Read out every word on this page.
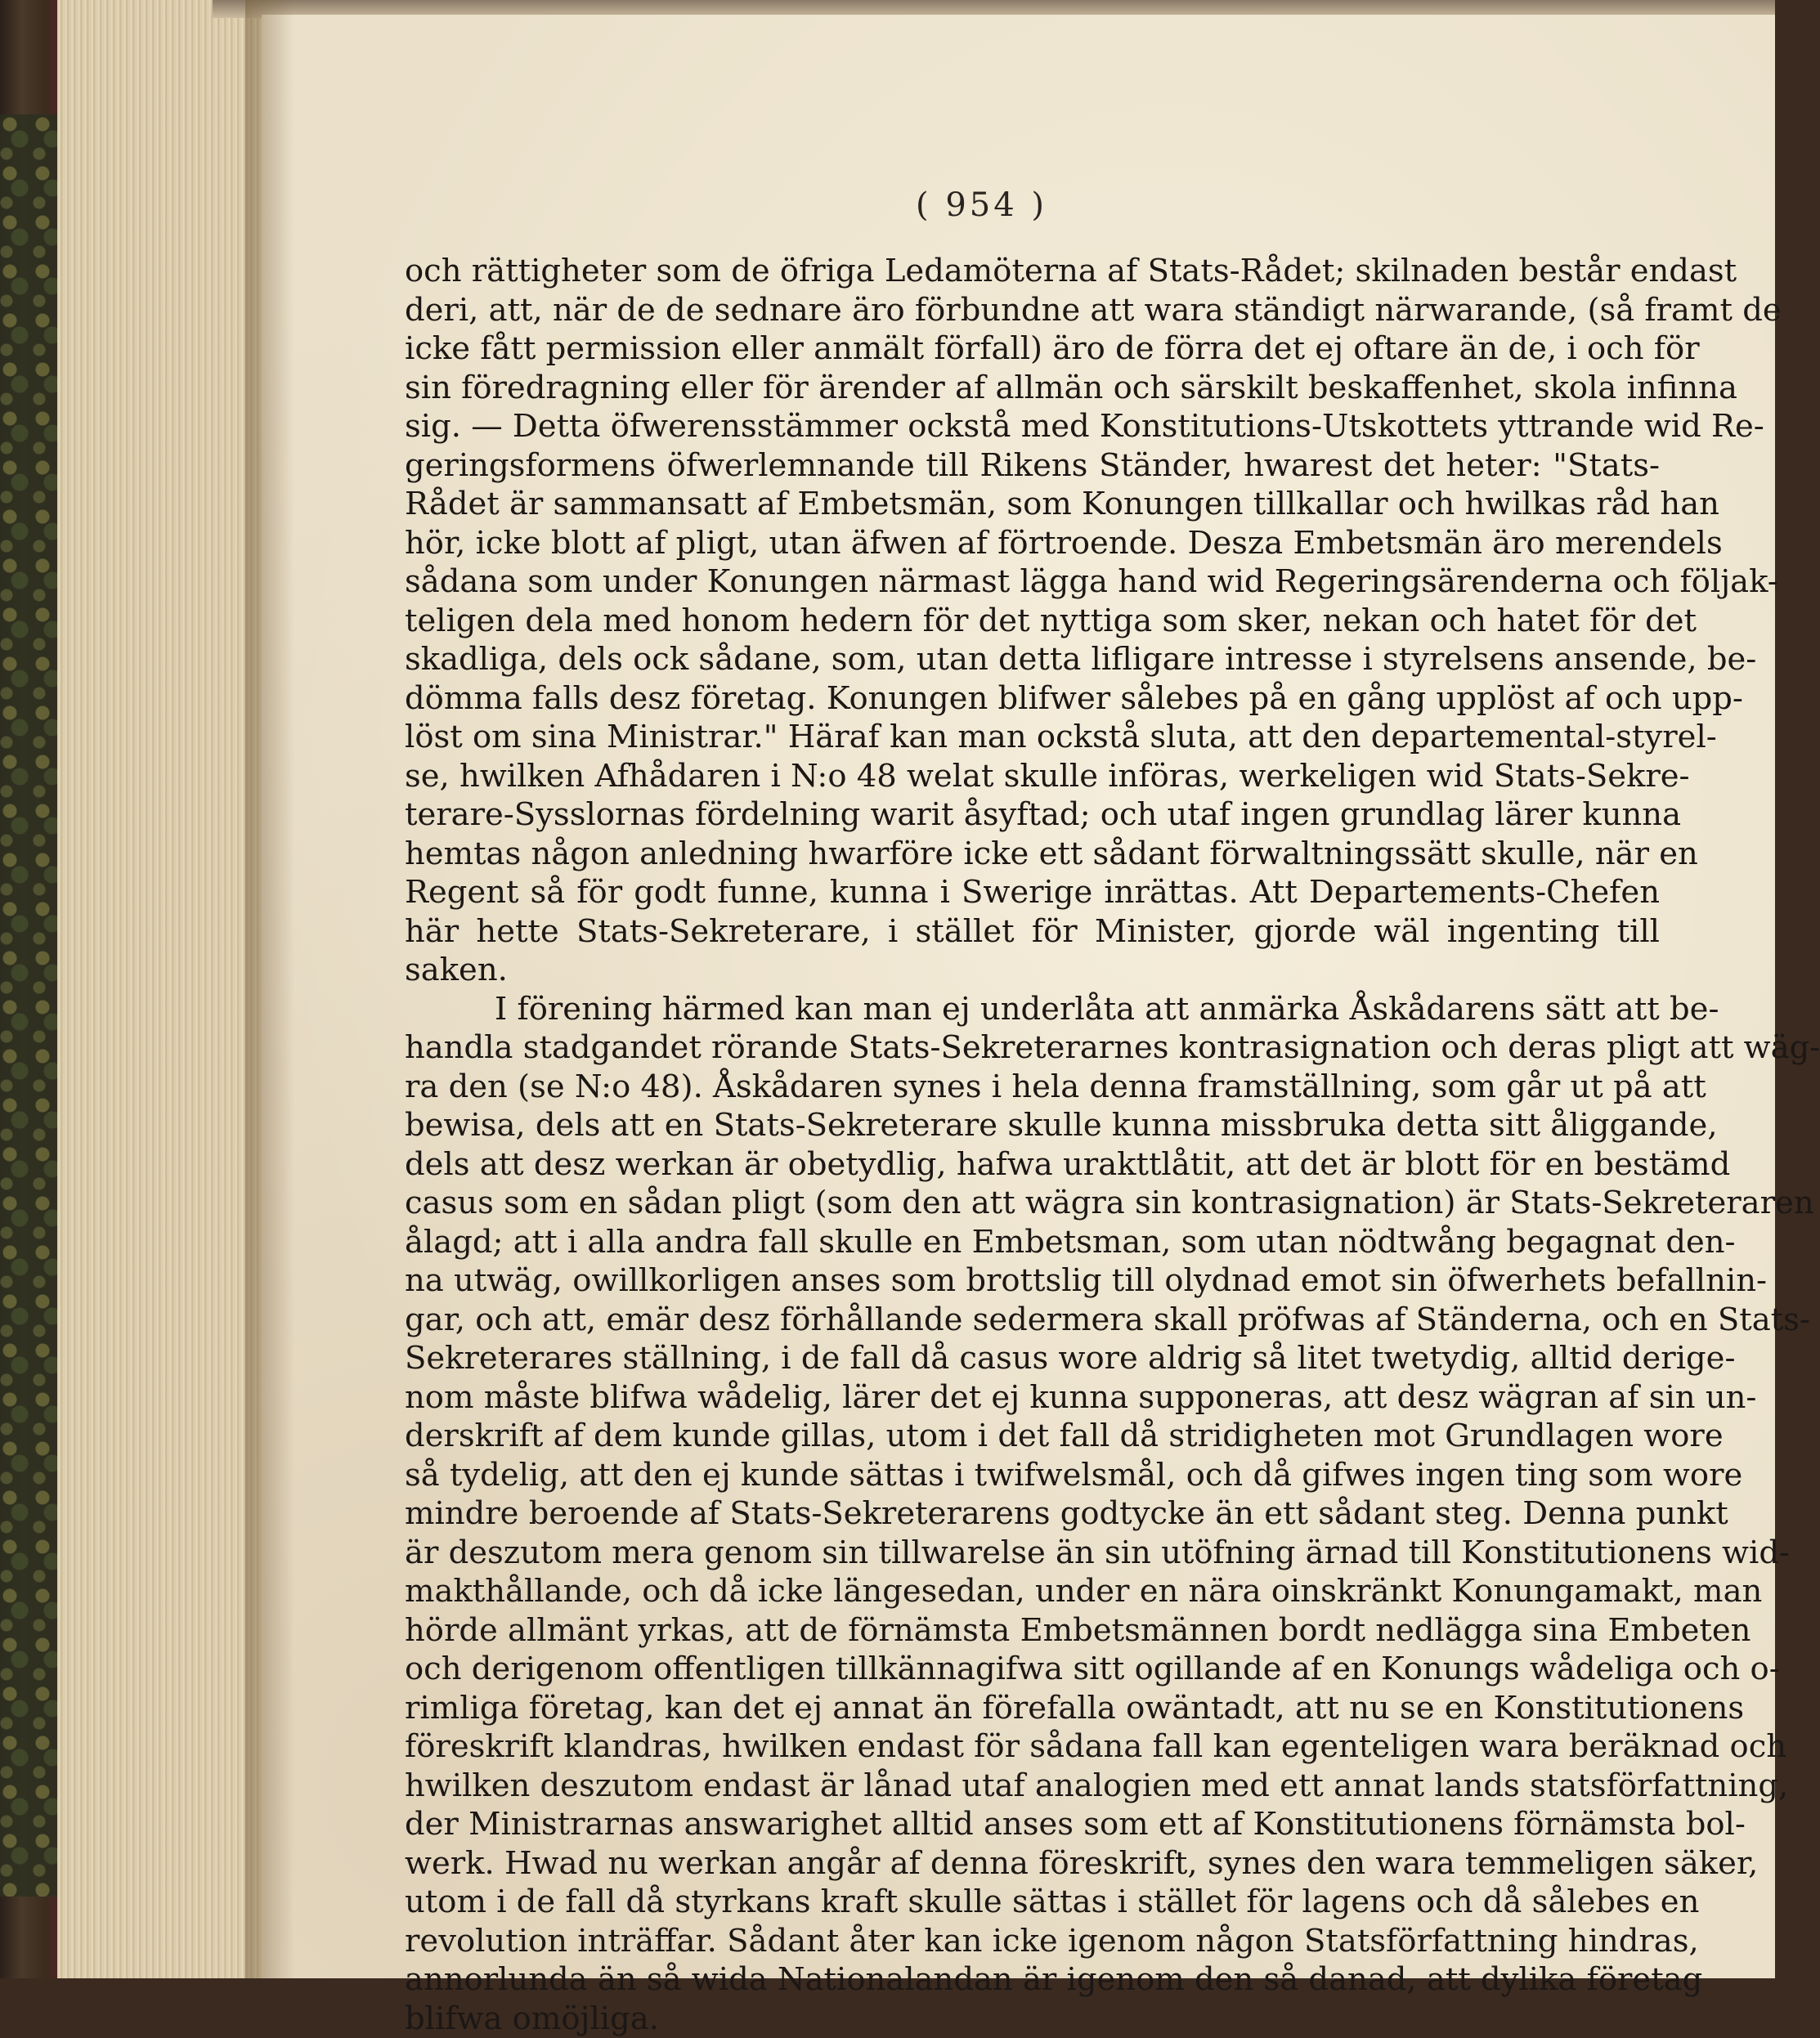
( 954 )
och rättigheter som de öfriga Ledamöterna af Stats-Rådet; skilnaden består endast
deri, att, när de de sednare äro förbundne att wara ständigt närwarande, (så framt de
icke fått permission eller anmält förfall) äro de förra det ej oftare än de, i och för
sin föredragning eller för ärender af allmän och särskilt beskaffenhet, skola infinna
sig. — Detta öfwerensstämmer ockstå med Konstitutions-Utskottets yttrande wid Re-
geringsformens öfwerlemnande till Rikens Ständer, hwarest det heter: "Stats-
Rådet är sammansatt af Embetsmän, som Konungen tillkallar och hwilkas råd han
hör, icke blott af pligt, utan äfwen af förtroende. Desza Embetsmän äro merendels
sådana som under Konungen närmast lägga hand wid Regeringsärenderna och följak-
teligen dela med honom hedern för det nyttiga som sker, nekan och hatet för det
skadliga, dels ock sådane, som, utan detta lifligare intresse i styrelsens ansende, be-
dömma falls desz företag. Konungen blifwer sålebes på en gång upplöst af och upp-
löst om sina Ministrar." Häraf kan man ockstå sluta, att den departemental-styrel-
se, hwilken Afhådaren i N:o 48 welat skulle införas, werkeligen wid Stats-Sekre-
terare-Sysslornas fördelning warit åsyftad; och utaf ingen grundlag lärer kunna
hemtas någon anledning hwarföre icke ett sådant förwaltningssätt skulle, när en
Regent så för godt funne, kunna i Swerige inrättas. Att Departements-Chefen
här hette Stats-Sekreterare, i stället för Minister, gjorde wäl ingenting till
saken.
I förening härmed kan man ej underlåta att anmärka Åskådarens sätt att be-
handla stadgandet rörande Stats-Sekreterarnes kontrasignation och deras pligt att wäg-
ra den (se N:o 48). Åskådaren synes i hela denna framställning, som går ut på att
bewisa, dels att en Stats-Sekreterare skulle kunna missbruka detta sitt åliggande,
dels att desz werkan är obetydlig, hafwa urakttlåtit, att det är blott för en bestämd
casus som en sådan pligt (som den att wägra sin kontrasignation) är Stats-Sekreteraren
ålagd; att i alla andra fall skulle en Embetsman, som utan nödtwång begagnat den-
na utwäg, owillkorligen anses som brottslig till olydnad emot sin öfwerhets befallnin-
gar, och att, emär desz förhållande sedermera skall pröfwas af Ständerna, och en Stats-
Sekreterares ställning, i de fall då casus wore aldrig så litet twetydig, alltid derige-
nom måste blifwa wådelig, lärer det ej kunna supponeras, att desz wägran af sin un-
derskrift af dem kunde gillas, utom i det fall då stridigheten mot Grundlagen wore
så tydelig, att den ej kunde sättas i twifwelsmål, och då gifwes ingen ting som wore
mindre beroende af Stats-Sekreterarens godtycke än ett sådant steg. Denna punkt
är deszutom mera genom sin tillwarelse än sin utöfning ärnad till Konstitutionens wid-
makthållande, och då icke längesedan, under en nära oinskränkt Konungamakt, man
hörde allmänt yrkas, att de förnämsta Embetsmännen bordt nedlägga sina Embeten
och derigenom offentligen tillkännagifwa sitt ogillande af en Konungs wådeliga och o-
rimliga företag, kan det ej annat än förefalla owäntadt, att nu se en Konstitutionens
föreskrift klandras, hwilken endast för sådana fall kan egenteligen wara beräknad och
hwilken deszutom endast är lånad utaf analogien med ett annat lands statsförfattning,
der Ministrarnas answarighet alltid anses som ett af Konstitutionens förnämsta bol-
werk. Hwad nu werkan angår af denna föreskrift, synes den wara temmeligen säker,
utom i de fall då styrkans kraft skulle sättas i stället för lagens och då sålebes en
revolution inträffar. Sådant åter kan icke igenom någon Statsförfattning hindras,
annorlunda än så wida Nationalandan är igenom den så danad, att dylika företag
blifwa omöjliga.
